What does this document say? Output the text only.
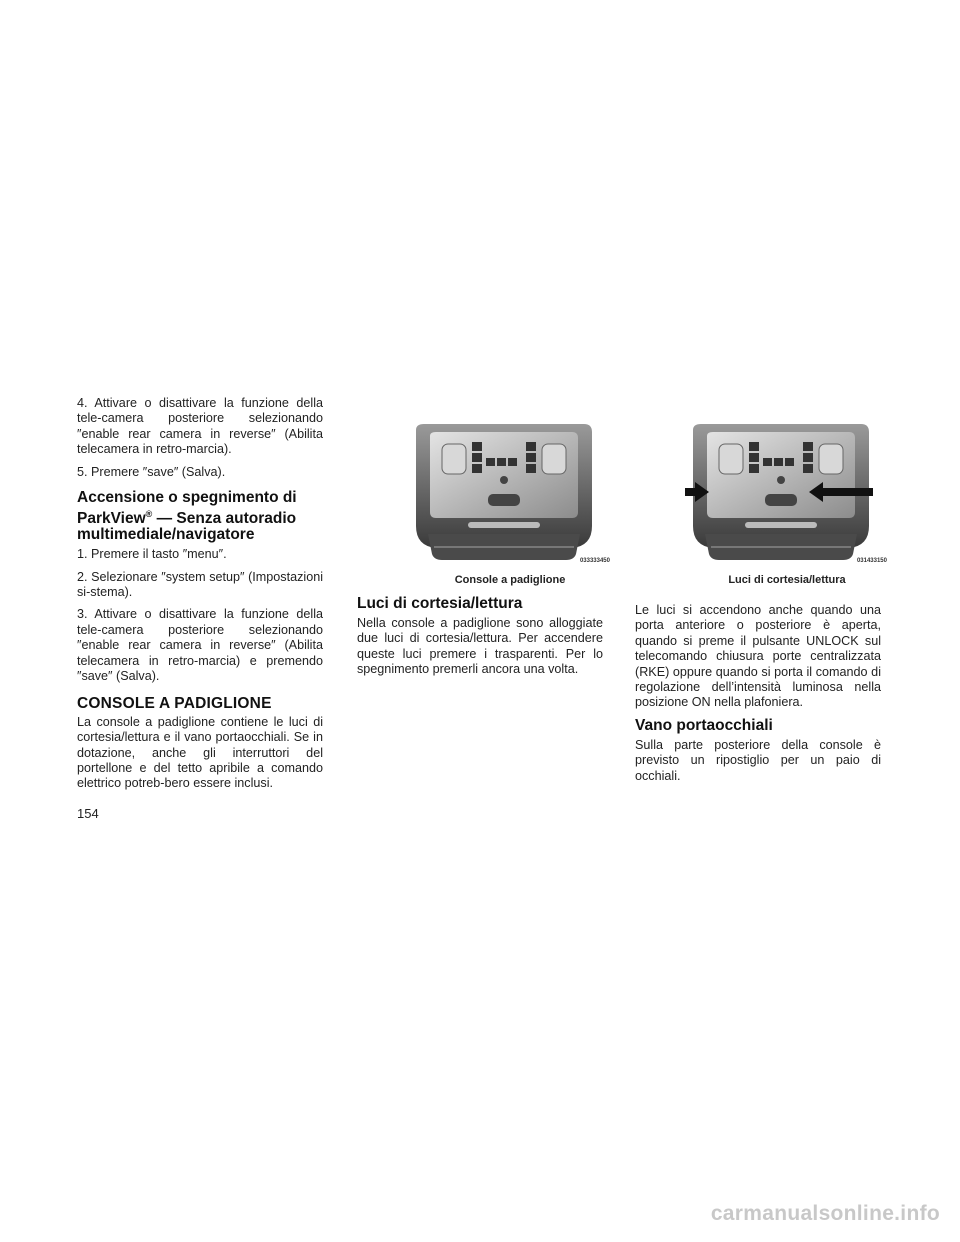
4. Attivare o disattivare la funzione della tele-camera posteriore selezionando ″enable rear camera in reverse″ (Abilita telecamera in retro-marcia).

5. Premere ″save″ (Salva).

Accensione o spegnimento di
ParkView® — Senza autoradio
multimediale/navigatore

1. Premere il tasto ″menu″.

2. Selezionare ″system setup″ (Impostazioni si-stema).

3. Attivare o disattivare la funzione della tele-camera posteriore selezionando ″enable rear camera in reverse″ (Abilita telecamera in retro-marcia) e premendo ″save″ (Salva).

CONSOLE A PADIGLIONE

La console a padiglione contiene le luci di cortesia/lettura e il vano portaocchiali. Se in dotazione, anche gli interruttori del portellone e del tetto apribile a comando elettrico potreb-bero essere inclusi.

033333450
Console a padiglione
031433150
Luci di cortesia/lettura
Luci di cortesia/lettura

Nella console a padiglione sono alloggiate due luci di cortesia/lettura. Per accendere queste luci premere i trasparenti. Per lo spegnimento premerli ancora una volta.

Le luci si accendono anche quando una porta anteriore o posteriore è aperta, quando si preme il pulsante UNLOCK sul telecomando chiusura porte centralizzata (RKE) oppure quando si porta il comando di regolazione dell’intensità luminosa nella posizione ON nella plafoniera.

Vano portaocchiali

Sulla parte posteriore della console è previsto un ripostiglio per un paio di occhiali.

154
carmanualsonline.info
